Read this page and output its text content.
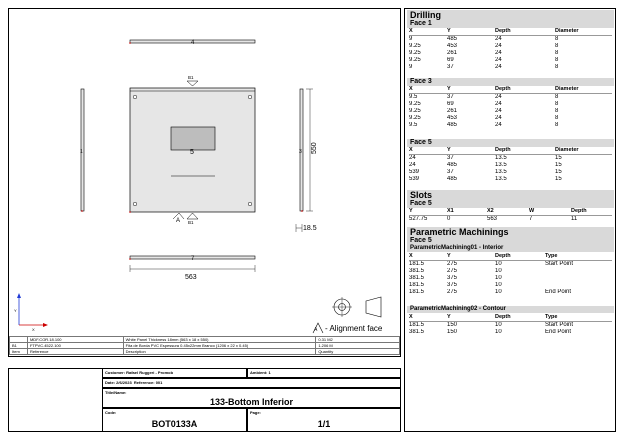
4
1	3 550
B1
5
B1
A
18.5
7
563
Y
X	A - Alignment face
	MDF.COR.18.100	White Panel Thickness 18mm (563 x 18 x 550)	0.31 M2
B1	FTPVC.4522.100	Fita de Borda PVC Espessura 0.45x22mm Branco (1206 x 22 x 0.45)	1.206 M
Item	Reference	Description	Quantity
Customer: Rafael Ruggeri - Promob	Ambient: 1
Date: 2/6/2023 Reference: 001
Title/Name:
133-Bottom Inferior
Code:
BOT0133A
Page:
1/1
Drilling
Face 1
X	Y	Depth	Diameter
9	485	24	8
9.25	453	24	8
9.25	261	24	8
9.25	69	24	8
9	37	24	8
Face 3
X	Y	Depth	Diameter
9.5	37	24	8
9.25	69	24	8
9.25	261	24	8
9.25	453	24	8
9.5	485	24	8
Face 5
X	Y	Depth	Diameter
24	37	13.5	15
24	485	13.5	15
539	37	13.5	15
539	485	13.5	15
Slots
Face 5
Y	X1	X2	W	Depth
527.75	0	563	7	11
Parametric Machinings
Face 5
ParametricMachining01 - Interior
X	Y	Depth	Type
181.5	275	10	Start Point
381.5	275	10	
381.5	375	10	
181.5	375	10	
181.5	275	10	End Point
ParametricMachining02 - Contour
X	Y	Depth	Type
181.5	150	10	Start Point
381.5	150	10	End Point
